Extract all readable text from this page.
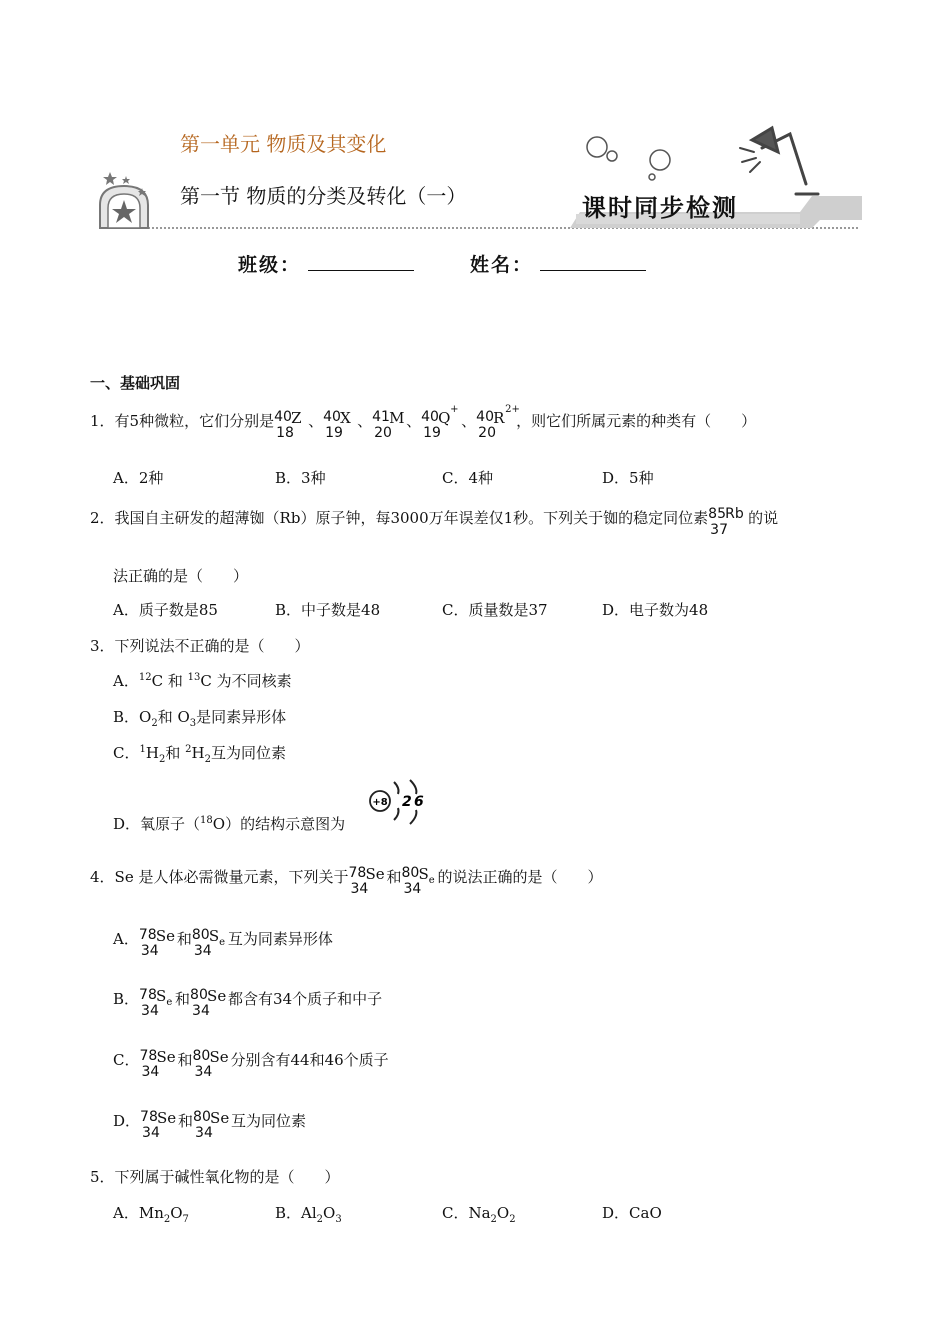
第一单元 物质及其变化
第一节 物质的分类及转化（一）	课时同步检测
班级：	姓名：
一、基础巩固
1．有5种微粒，它们分别是 40
18
Z 、 40
19
X 、 41
20
M 、 40
19
Q +
、 40
20
R 2+
，则它们所属元素的种类有（　　）
A．2种	B．3种	C．4种	D．5种
2．我国自主研发的超薄铷（Rb）原子钟，每3000万年误差仅1秒。下列关于铷的稳定同位素 85
37
Rb 的说
法正确的是（　　）
A．质子数是85	B．中子数是48	C．质量数是37	D．电子数为48
3．下列说法不正确的是（　　）
A．$^{12}$C 和 $^{13}$C 为不同核素
B．$O_2$和 $O_3$是同素异形体
C．$^1H_2$和 $^2H_2$互为同位素
D．氧原子（$^{18}$O）的结构示意图为
+8 2 6
4．Se 是人体必需微量元素，下列关于 78
34
Se 和 80
34
$S_e$ 的说法正确的是（　　）
A． 78
34
Se 和 80
34
$S_e$ 互为同素异形体
B． 78
34
$S_e$ 和 80
34
Se 都含有34个质子和中子
C． 78
34
Se 和 80
34
Se 分别含有44和46个质子
D． 78
34
Se 和 80
34
Se 互为同位素
5．下列属于碱性氧化物的是（　　）
A．$Mn_2O_7$	B．$Al_2O_3$	C．$Na_2O_2$	D．CaO
